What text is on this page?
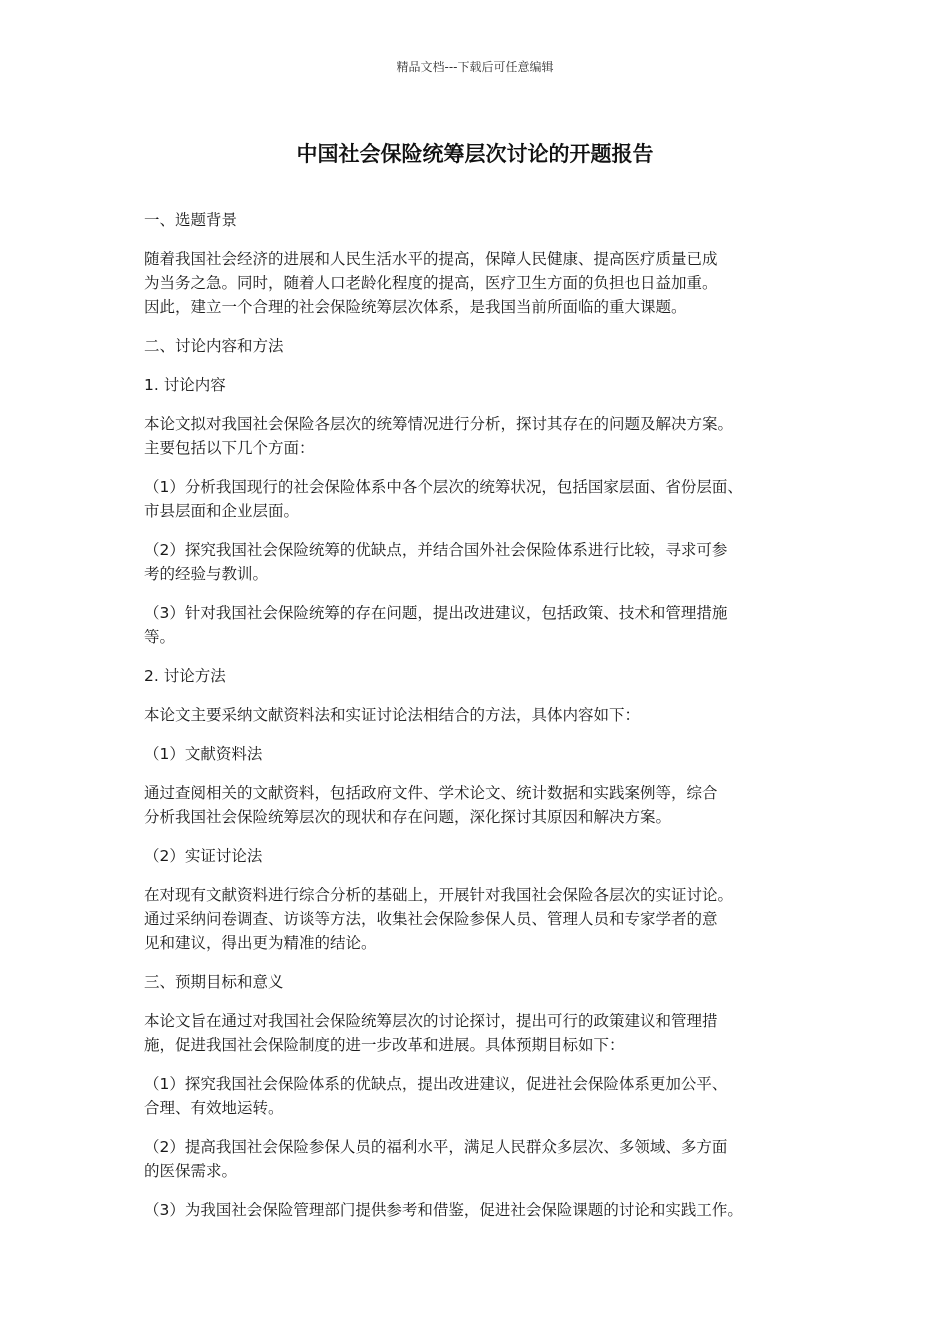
精品文档---下载后可任意编辑
中国社会保险统筹层次讨论的开题报告

一、选题背景

随着我国社会经济的进展和人民生活水平的提高，保障人民健康、提高医疗质量已成
为当务之急。同时，随着人口老龄化程度的提高，医疗卫生方面的负担也日益加重。
因此，建立一个合理的社会保险统筹层次体系，是我国当前所面临的重大课题。

二、讨论内容和方法

1. 讨论内容

本论文拟对我国社会保险各层次的统筹情况进行分析，探讨其存在的问题及解决方案。
主要包括以下几个方面：

（1）分析我国现行的社会保险体系中各个层次的统筹状况，包括国家层面、省份层面、
市县层面和企业层面。

（2）探究我国社会保险统筹的优缺点，并结合国外社会保险体系进行比较，寻求可参
考的经验与教训。

（3）针对我国社会保险统筹的存在问题，提出改进建议，包括政策、技术和管理措施
等。

2. 讨论方法

本论文主要采纳文献资料法和实证讨论法相结合的方法，具体内容如下：

（1）文献资料法

通过查阅相关的文献资料，包括政府文件、学术论文、统计数据和实践案例等，综合
分析我国社会保险统筹层次的现状和存在问题，深化探讨其原因和解决方案。

（2）实证讨论法

在对现有文献资料进行综合分析的基础上，开展针对我国社会保险各层次的实证讨论。
通过采纳问卷调查、访谈等方法，收集社会保险参保人员、管理人员和专家学者的意
见和建议，得出更为精准的结论。

三、预期目标和意义

本论文旨在通过对我国社会保险统筹层次的讨论探讨，提出可行的政策建议和管理措
施，促进我国社会保险制度的进一步改革和进展。具体预期目标如下：

（1）探究我国社会保险体系的优缺点，提出改进建议，促进社会保险体系更加公平、
合理、有效地运转。

（2）提高我国社会保险参保人员的福利水平，满足人民群众多层次、多领域、多方面
的医保需求。

（3）为我国社会保险管理部门提供参考和借鉴，促进社会保险课题的讨论和实践工作。
